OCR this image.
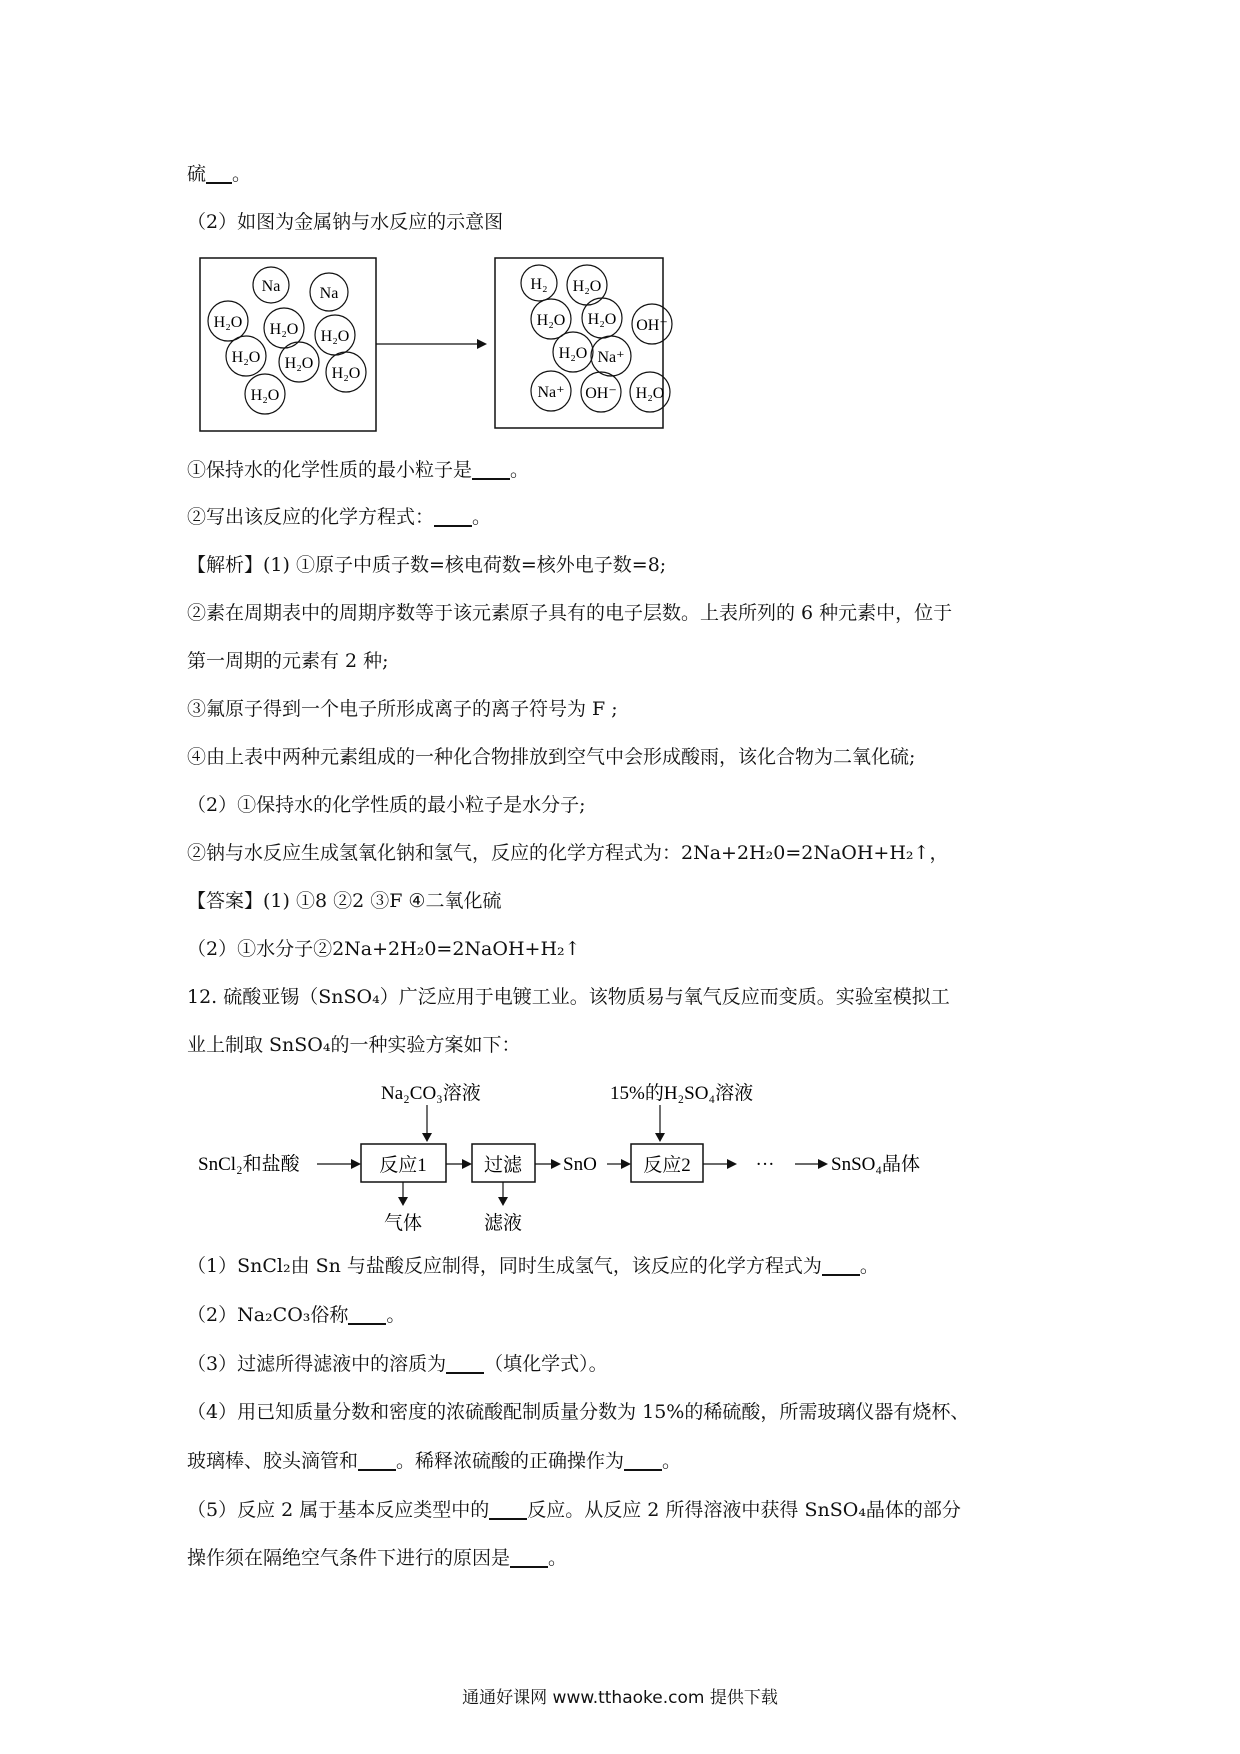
硫 。
（2）如图为金属钠与水反应的示意图
Na Na
H₂O H₂O H₂O
H₂O H₂O
H₂O
H₂O
H₂ H₂O
H₂O H₂O OH⁻
H₂O Na⁺
Na⁺ OH⁻ H₂O
①保持水的化学性质的最小粒子是 。
②写出该反应的化学方程式： 。
【解析】(1) ①原子中质子数=核电荷数=核外电子数=8;
②素在周期表中的周期序数等于该元素原子具有的电子层数。上表所列的 6 种元素中，位于
第一周期的元素有 2 种;
③氟原子得到一个电子所形成离子的离子符号为 F ;
④由上表中两种元素组成的一种化合物排放到空气中会形成酸雨，该化合物为二氧化硫;
（2）①保持水的化学性质的最小粒子是水分子;
②钠与水反应生成氢氧化钠和氢气，反应的化学方程式为：2Na+2H₂0=2NaOH+H₂↑，
【答案】(1) ①8 ②2 ③F ④二氧化硫
（2）①水分子②2Na+2H₂0=2NaOH+H₂↑
12. 硫酸亚锡（SnSO₄）广泛应用于电镀工业。该物质易与氧气反应而变质。实验室模拟工
业上制取 SnSO₄的一种实验方案如下：
Na₂CO₃溶液	15%的H₂SO₄溶液
SnCl₂和盐酸	反应1
气体
过滤
滤液
SnO 反应2	···	SnSO₄晶体
（1）SnCl₂由 Sn 与盐酸反应制得，同时生成氢气，该反应的化学方程式为 。
（2）Na₂CO₃俗称 。
（3）过滤所得滤液中的溶质为 （填化学式）。
（4）用已知质量分数和密度的浓硫酸配制质量分数为 15%的稀硫酸，所需玻璃仪器有烧杯、
玻璃棒、胶头滴管和 。稀释浓硫酸的正确操作为 。
（5）反应 2 属于基本反应类型中的 反应。从反应 2 所得溶液中获得 SnSO₄晶体的部分
操作须在隔绝空气条件下进行的原因是 。
通通好课网 www.tthaoke.com 提供下载
